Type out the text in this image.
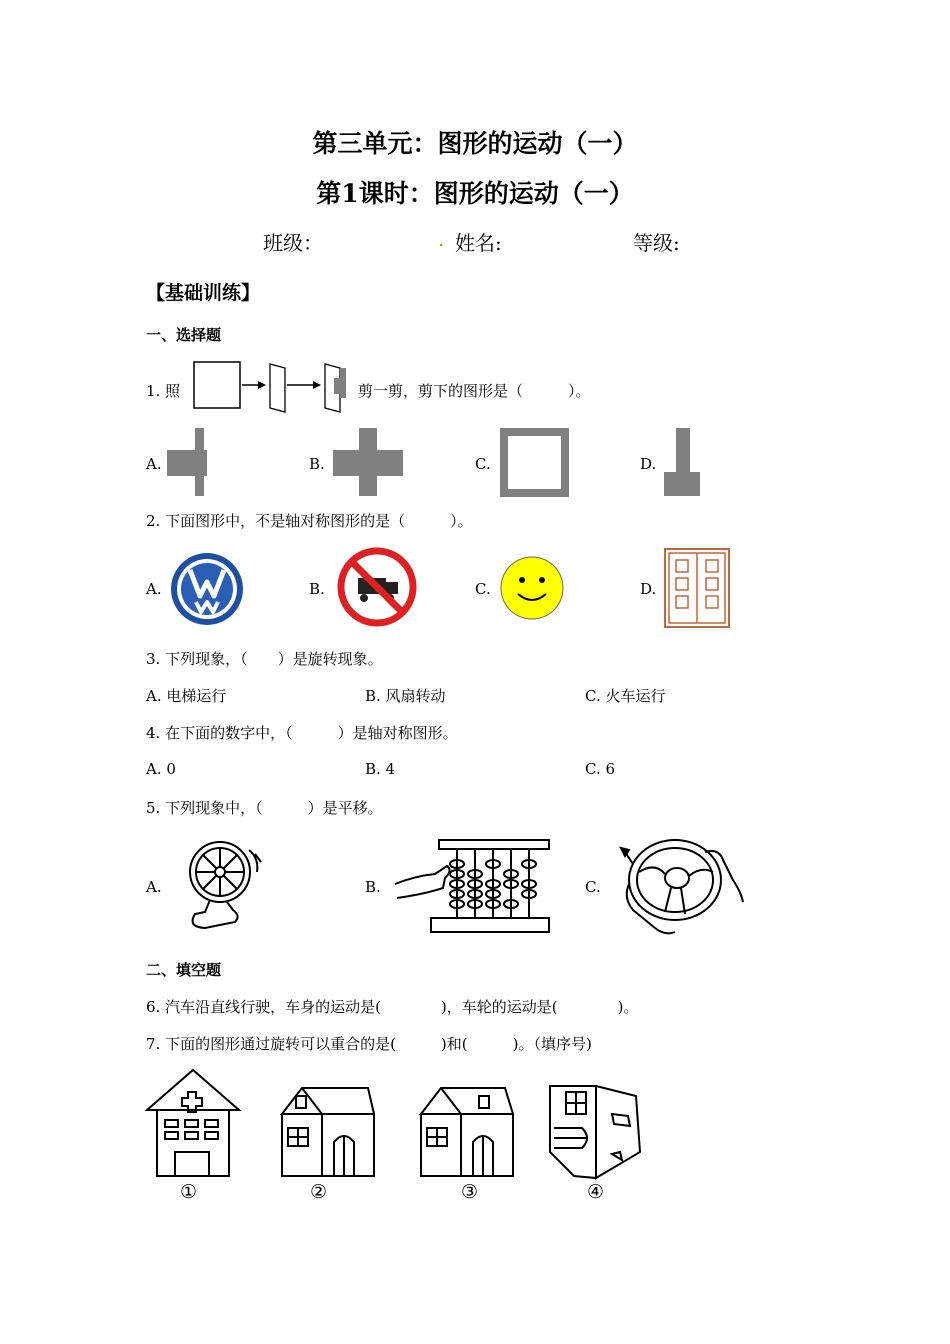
第三单元：图形的运动（一）
第1课时：图形的运动（一）
班级：	. 姓名:	等级:
【基础训练】
一、选择题
1. 照	剪一剪，剪下的图形是（　　　）。
A.	B.	C.	D.
2. 下面图形中，不是轴对称图形的是（　　　）。
A.	B.	C.	D.
3. 下列现象，（　　）是旋转现象。
A. 电梯运行	B. 风扇转动	C. 火车运行
4. 在下面的数字中，（　　　）是轴对称图形。
A. 0	B. 4	C. 6
5. 下列现象中，（　　　）是平移。
A.	B.	C.
二、填空题
6. 汽车沿直线行驶，车身的运动是(　　　　)，车轮的运动是(　　　　)。
7. 下面的图形通过旋转可以重合的是(　　　)和(　　　)。（填序号)
①	②	③	④
